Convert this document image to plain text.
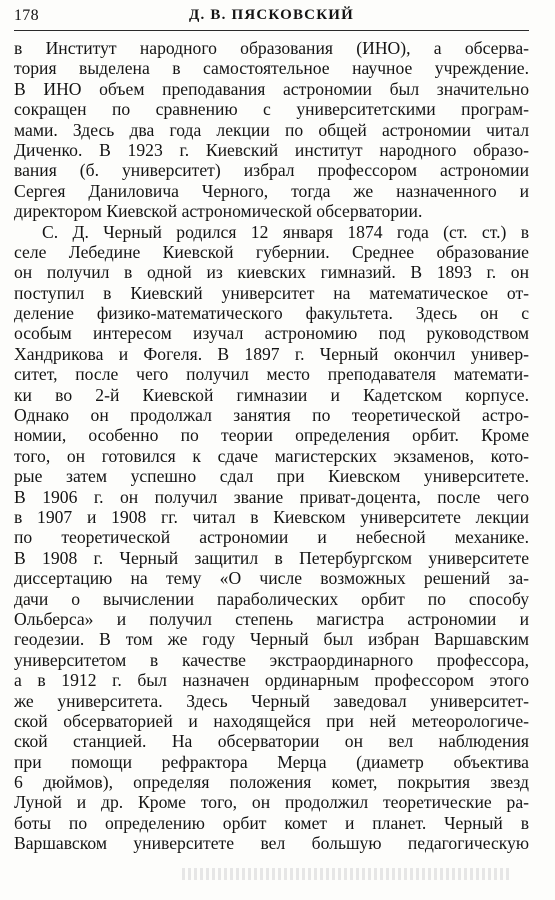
178	Д. В. ПЯСКОВСКИЙ
в Институт народного образования (ИНО), а обсерва-
тория выделена в самостоятельное научное учреждение.
В ИНО объем преподавания астрономии был значительно
сокращен по сравнению с университетскими програм-
мами. Здесь два года лекции по общей астрономии читал
Диченко. В 1923 г. Киевский институт народного образо-
вания (б. университет) избрал профессором астрономии
Сергея Даниловича Черного, тогда же назначенного и
директором Киевской астрономической обсерватории.
С. Д. Черный родился 12 января 1874 года (ст. ст.) в
селе Лебедине Киевской губернии. Среднее образование
он получил в одной из киевских гимназий. В 1893 г. он
поступил в Киевский университет на математическое от-
деление физико-математического факультета. Здесь он с
особым интересом изучал астрономию под руководством
Хандрикова и Фогеля. В 1897 г. Черный окончил универ-
ситет, после чего получил место преподавателя математи-
ки во 2-й Киевской гимназии и Кадетском корпусе.
Однако он продолжал занятия по теоретической астро-
номии, особенно по теории определения орбит. Кроме
того, он готовился к сдаче магистерских экзаменов, кото-
рые затем успешно сдал при Киевском университете.
В 1906 г. он получил звание приват-доцента, после чего
в 1907 и 1908 гг. читал в Киевском университете лекции
по теоретической астрономии и небесной механике.
В 1908 г. Черный защитил в Петербургском университете
диссертацию на тему «О числе возможных решений за-
дачи о вычислении параболических орбит по способу
Ольберса» и получил степень магистра астрономии и
геодезии. В том же году Черный был избран Варшавским
университетом в качестве экстраординарного профессора,
а в 1912 г. был назначен ординарным профессором этого
же университета. Здесь Черный заведовал университет-
ской обсерваторией и находящейся при ней метеорологиче-
ской станцией. На обсерватории он вел наблюдения
при помощи рефрактора Мерца (диаметр объектива
6 дюймов), определяя положения комет, покрытия звезд
Луной и др. Кроме того, он продолжил теоретические ра-
боты по определению орбит комет и планет. Черный в
Варшавском университете вел большую педагогическую
